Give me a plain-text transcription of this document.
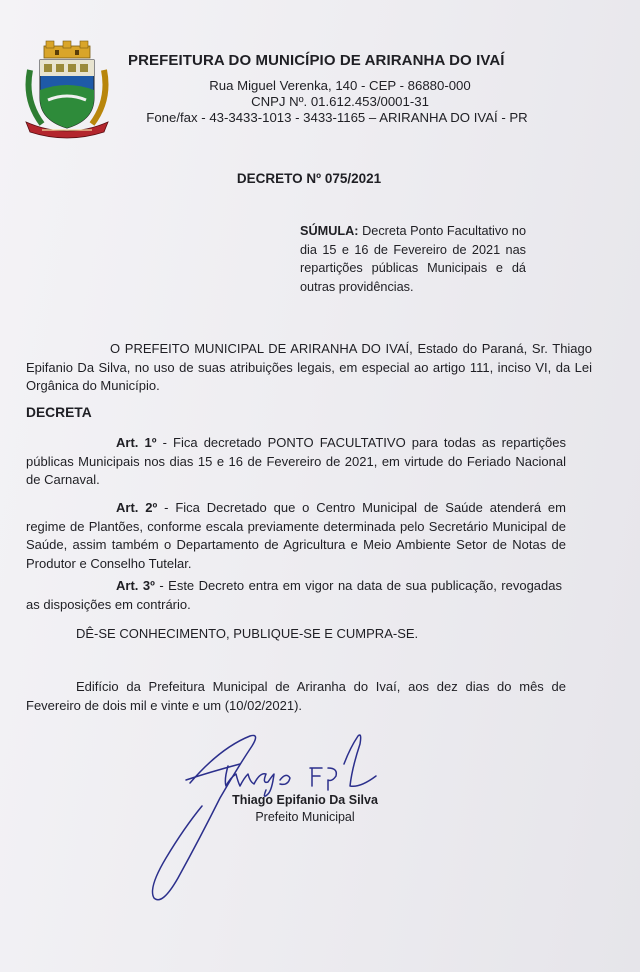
PREFEITURA DO MUNICÍPIO DE ARIRANHA DO IVAÍ
Rua Miguel Verenka, 140 - CEP - 86880-000
CNPJ Nº. 01.612.453/0001-31
Fone/fax - 43-3433-1013 - 3433-1165 – ARIRANHA DO IVAÍ - PR
DECRETO Nº 075/2021
SÚMULA: Decreta Ponto Facultativo no dia 15 e 16 de Fevereiro de 2021 nas repartições públicas Municipais e dá outras providências.
O PREFEITO MUNICIPAL DE ARIRANHA DO IVAÍ, Estado do Paraná, Sr. Thiago Epifanio Da Silva, no uso de suas atribuições legais, em especial ao artigo 111, inciso VI, da Lei Orgânica do Município.
DECRETA
Art. 1º - Fica decretado PONTO FACULTATIVO para todas as repartições públicas Municipais nos dias 15 e 16 de Fevereiro de 2021, em virtude do Feriado Nacional de Carnaval.
Art. 2º - Fica Decretado que o Centro Municipal de Saúde atenderá em regime de Plantões, conforme escala previamente determinada pelo Secretário Municipal de Saúde, assim também o Departamento de Agricultura e Meio Ambiente Setor de Notas de Produtor e Conselho Tutelar.
Art. 3º - Este Decreto entra em vigor na data de sua publicação, revogadas as disposições em contrário.
DÊ-SE CONHECIMENTO, PUBLIQUE-SE E CUMPRA-SE.
Edifício da Prefeitura Municipal de Ariranha do Ivaí, aos dez dias do mês de Fevereiro de dois mil e vinte e um (10/02/2021).
Thiago Epifanio Da Silva
Prefeito Municipal
